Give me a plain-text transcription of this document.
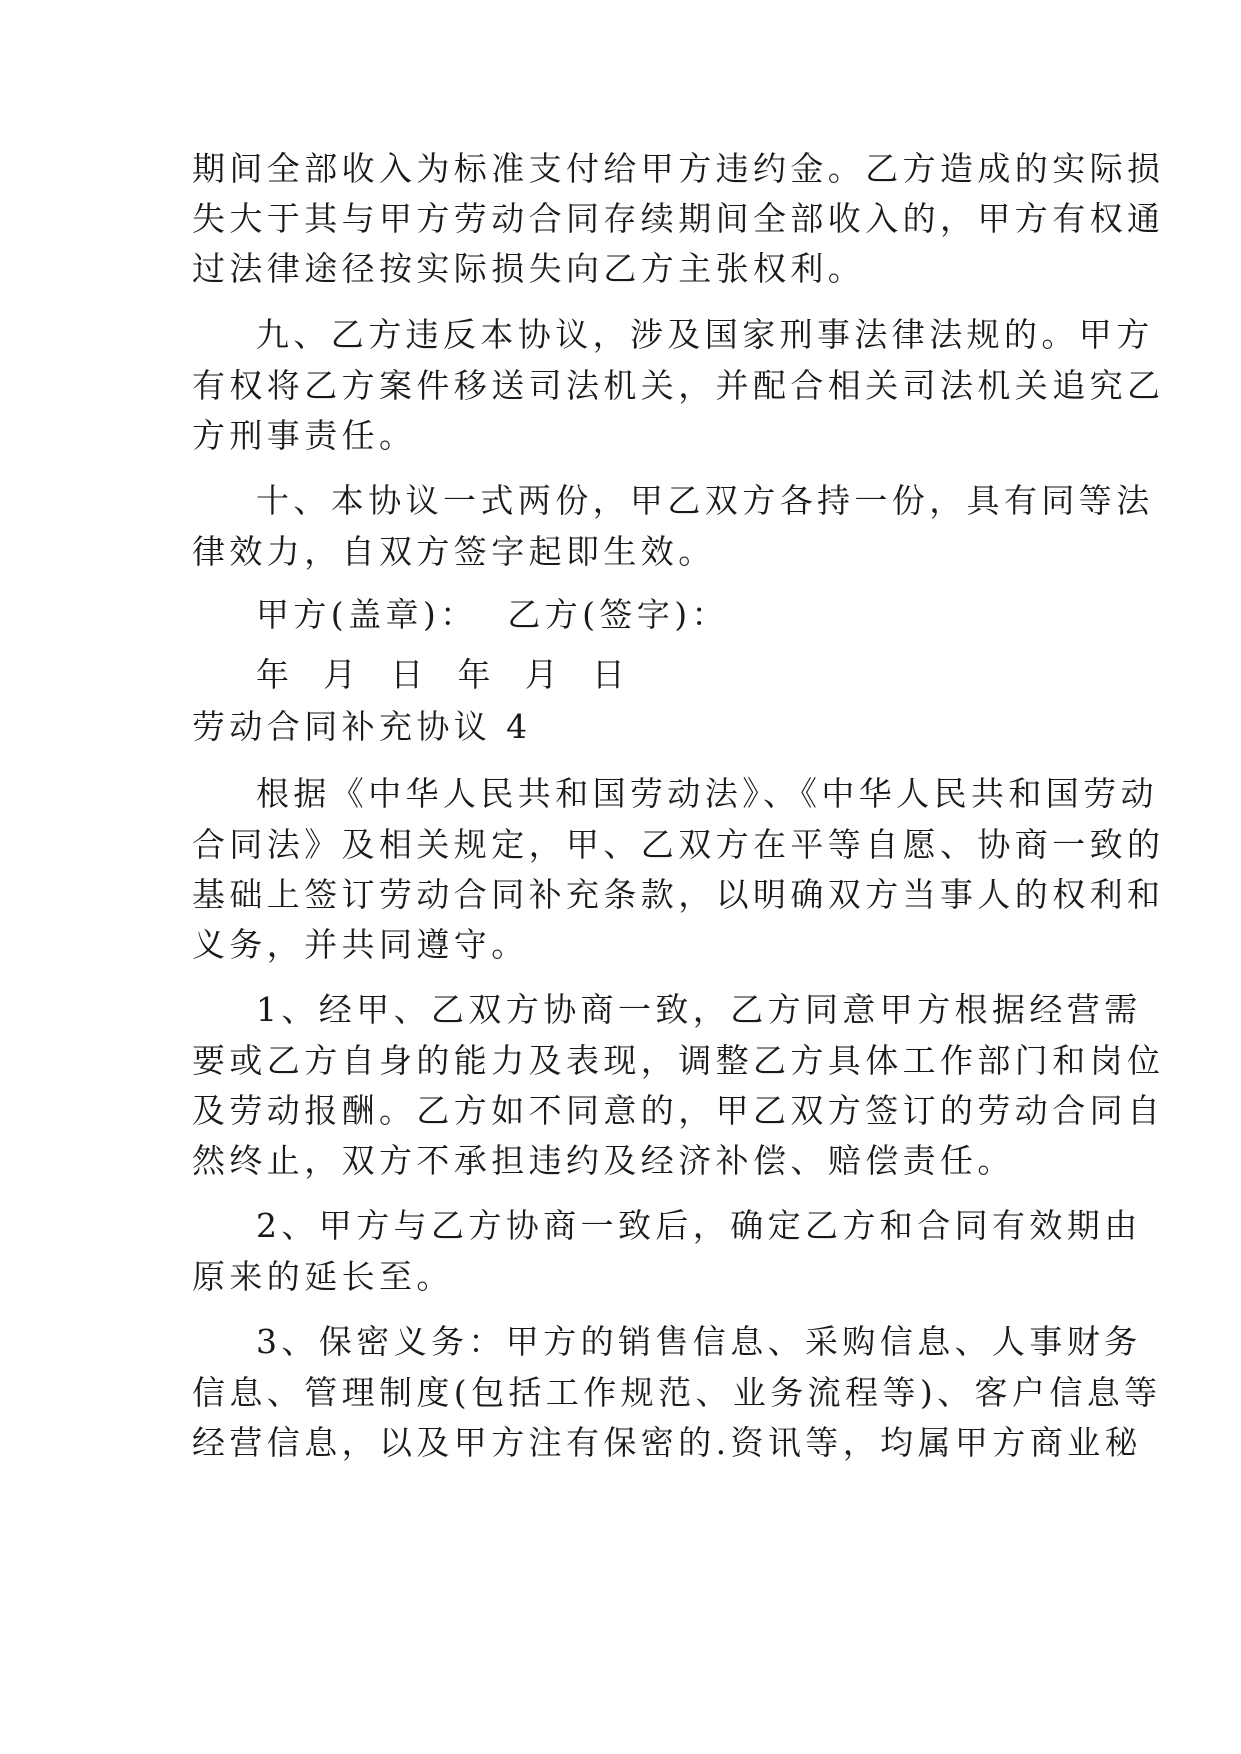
期间全部收入为标准支付给甲方违约金。乙方造成的实际损
失大于其与甲方劳动合同存续期间全部收入的，甲方有权通
过法律途径按实际损失向乙方主张权利。
九、乙方违反本协议，涉及国家刑事法律法规的。甲方
有权将乙方案件移送司法机关，并配合相关司法机关追究乙
方刑事责任。
十、本协议一式两份，甲乙双方各持一份，具有同等法
律效力，自双方签字起即生效。
甲方(盖章)：  乙方(签字)：
年  月  日  年  月  日
劳动合同补充协议 4
根据《中华人民共和国劳动法》、《中华人民共和国劳动
合同法》及相关规定，甲、乙双方在平等自愿、协商一致的
基础上签订劳动合同补充条款，以明确双方当事人的权利和
义务，并共同遵守。
1、经甲、乙双方协商一致，乙方同意甲方根据经营需
要或乙方自身的能力及表现，调整乙方具体工作部门和岗位
及劳动报酬。乙方如不同意的，甲乙双方签订的劳动合同自
然终止，双方不承担违约及经济补偿、赔偿责任。
2、甲方与乙方协商一致后，确定乙方和合同有效期由
原来的延长至。
3、保密义务：甲方的销售信息、采购信息、人事财务
信息、管理制度(包括工作规范、业务流程等)、客户信息等
经营信息，以及甲方注有保密的.资讯等，均属甲方商业秘
